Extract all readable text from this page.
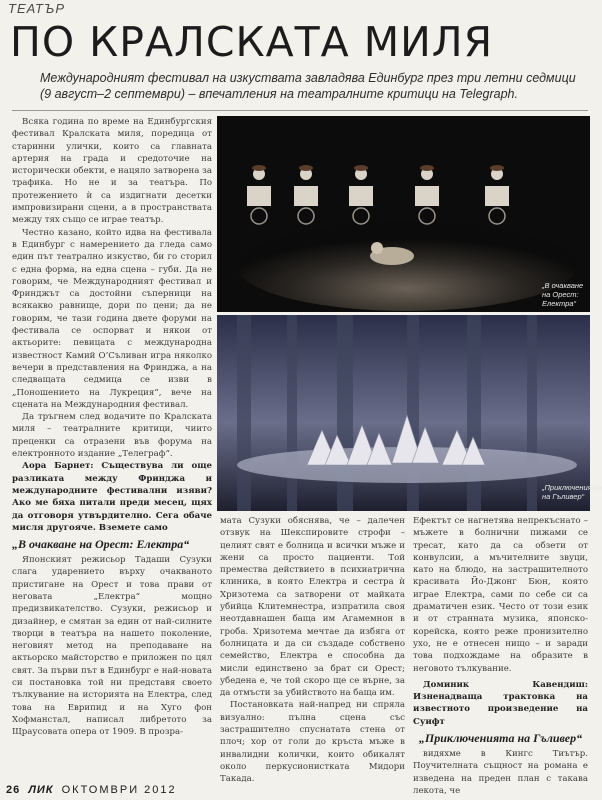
ТЕАТЪР
ПО КРАЛСКАТА МИЛЯ
Международният фестивал на изкуствата завладява Единбург през три летни седмици (9 август–2 септември) – впечатления на театралните критици на Telegraph.

Всяка година по време на Единбургския фестивал Кралската миля, поредица от старинни улички, които са главната артерия на града и средоточие на исторически обекти, е нацяло затворена за трафика. Но не и за театъра. По протежението ѝ са издигнати десетки импровизирани сцени, а в пространствата между тях също се играе театър.

Честно казано, който идва на фестивала в Единбург с намерението да гледа само един път театрално изкуство, би го сторил с една форма, на една сцена – губи. Да не говорим, че Международният фестивал и Фринджът са достойни съперници на всякакво равнище, дори по цени; да не говорим, че тази година двете форуми на фестивала се оспорват и някои от актьорите: певицата с международна известност Камий О’Съливан игра няколко вечери в представления на Фринджа, а на следващата седмица се изви в „Поношението на Лукреция“, вече на сцената на Международния фестивал.

Да тръгнем след водачите по Кралската миля – театралните критици, чиито преценки са отразени във форума на електронното издание „Телеграф“.

Аора Барнет: Съществува ли още разликата между Фринджа и международните фестивални изяви? Ако ме бяха питали преди месец, щях да отговоря утвърдително. Сега обаче мисля другояче. Вземете само

„В очакване на Орест: Електра“

Японският режисьор Тадаши Сузуки слага ударението върху очакваното пристигане на Орест и това прави от неговата „Електра“ мощно предизвикателство. Сузуки, режисьор и дизайнер, е смятан за един от най-силните творци в театъра на нашето поколение, неговият метод на преподаване на актьорско майсторство е приложен по цял свят. За първи път в Единбург е най-новата си постановка той ни представя своето тълкувание на историята на Електра, след това на Еврипид и на Хуго фон Хофманстал, написал либретото за Щраусовата опера от 1909. В прозра-

„В очакване на Орест: Електра“
„Приключенията на Гъливер“

мата Сузуки обяснява, че – далечен отзвук на Шекспировите строфи – целият свят е болница и всички мъже и жени са просто пациенти. Той премества действието в психиатрична клиника, в която Електра и сестра ѝ Хризотема са затворени от майката убийца Клитемнестра, изпратила своя неотдавнашен баща им Агамемнон в гроба. Хризотема мечтае да избяга от болницата и да си създаде собствено семейство, Електра е способна да мисли единствено за брат си Орест; убедена е, че той скоро ще се върне, за да отмъсти за убийството на баща им.

Постановката най-напред ни спряла визуално: пълна сцена със застрашително спуснатата стена от плоч; хор от голи до кръста мъже в инвалидни колички, които обикалят около перкусионистката Мидори Такада.

Ефектът се нагнетява непрекъснато – мъжете в болнични пижами се тресат, като да са обзети от конвулсии, а мъчителните звуци, като на блюдо, на застрашителното красивата Йо-Джонг Бюн, която играе Електра, сами по себе си са драматичен език. Често от този език и от странната музика, японско-корейска, която реже пронизително ухо, не е отнесен нищо – и заради това подхождаме на образите в неговото тълкувание.

Доминик Кавендиш: Изненадваща трактовка на известното произведение на Суифт

„Приключенията на Гъливер“

видяхме в Кингс Тиътър. Поучителната същност на романа е изведена на преден план с такава лекота, че

26 ЛИК ОКТОМВРИ 2012
